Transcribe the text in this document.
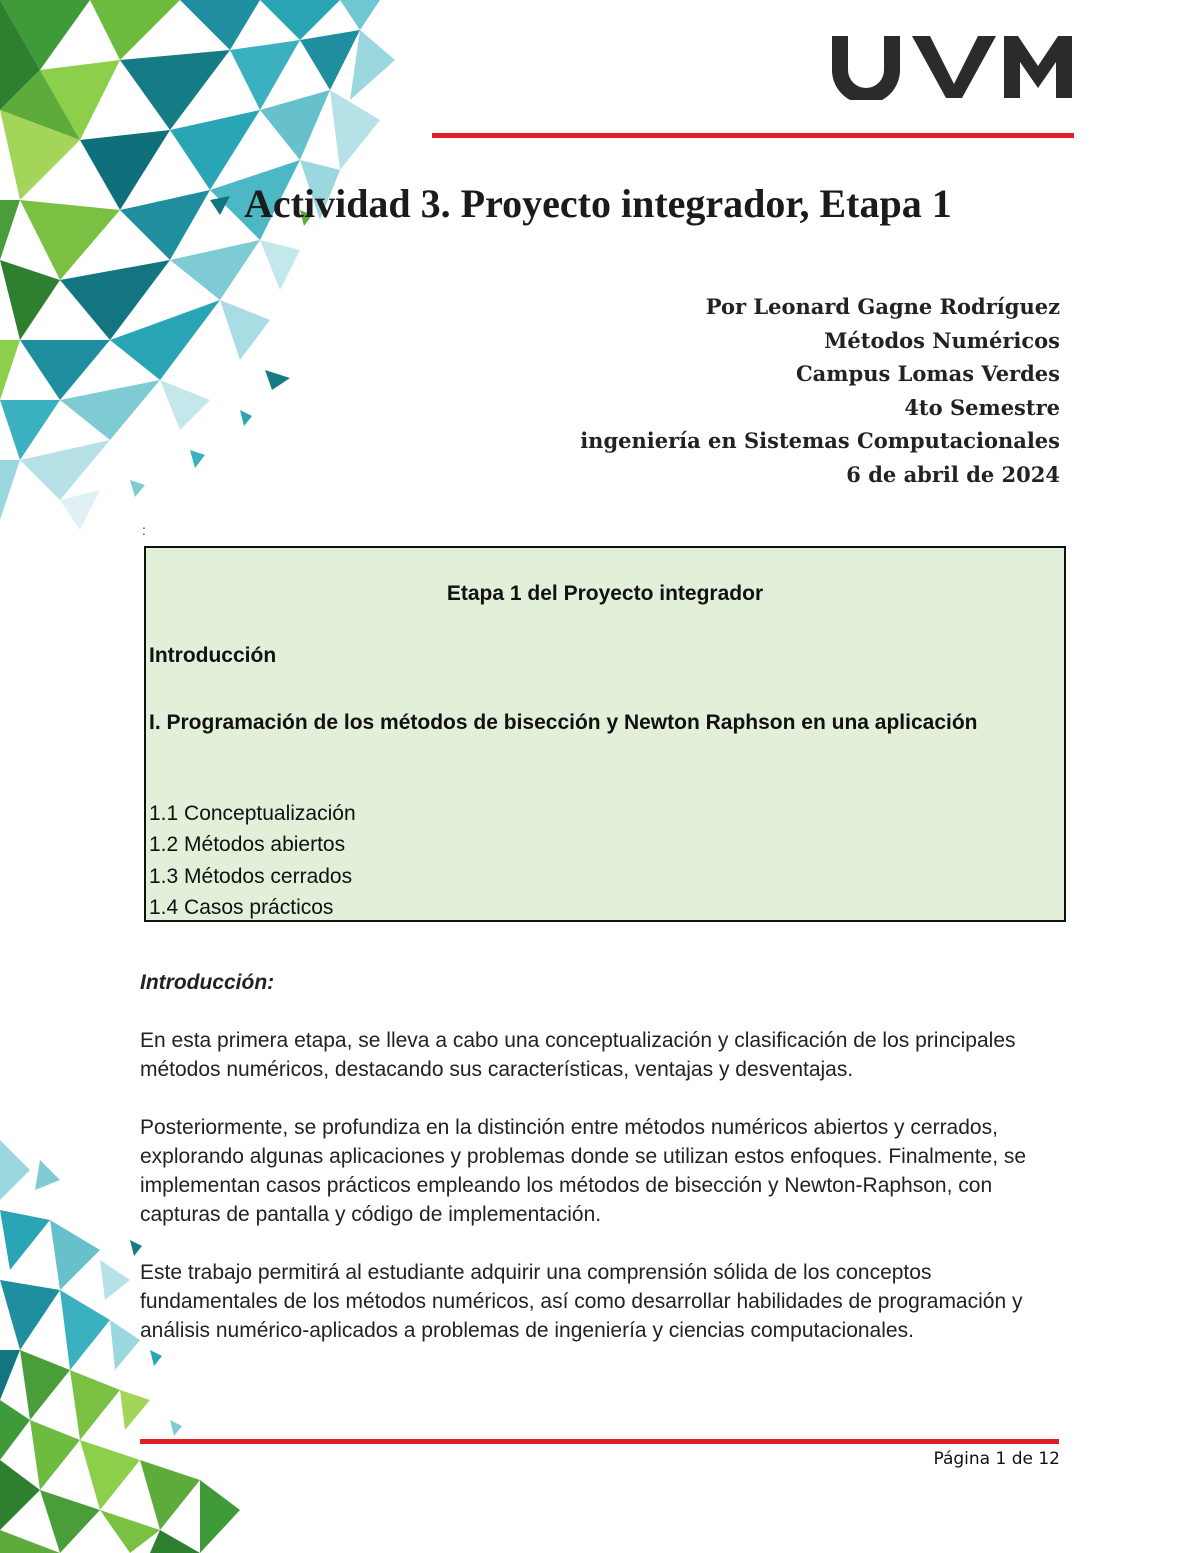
Actividad 3. Proyecto integrador, Etapa 1
Por Leonard Gagne Rodríguez
Métodos Numéricos
Campus Lomas Verdes
4to Semestre
ingeniería en Sistemas Computacionales
6 de abril de 2024
:
Etapa 1 del Proyecto integrador
Introducción
I. Programación de los métodos de bisección y Newton Raphson en una aplicación
1.1 Conceptualización
1.2 Métodos abiertos
1.3 Métodos cerrados
1.4 Casos prácticos
Introducción:

En esta primera etapa, se lleva a cabo una conceptualización y clasificación de los principales métodos numéricos, destacando sus características, ventajas y desventajas.

Posteriormente, se profundiza en la distinción entre métodos numéricos abiertos y cerrados, explorando algunas aplicaciones y problemas donde se utilizan estos enfoques. Finalmente, se implementan casos prácticos empleando los métodos de bisección y Newton-Raphson, con capturas de pantalla y código de implementación.

Este trabajo permitirá al estudiante adquirir una comprensión sólida de los conceptos fundamentales de los métodos numéricos, así como desarrollar habilidades de programación y análisis numérico-aplicados a problemas de ingeniería y ciencias computacionales.

Página 1 de 12
